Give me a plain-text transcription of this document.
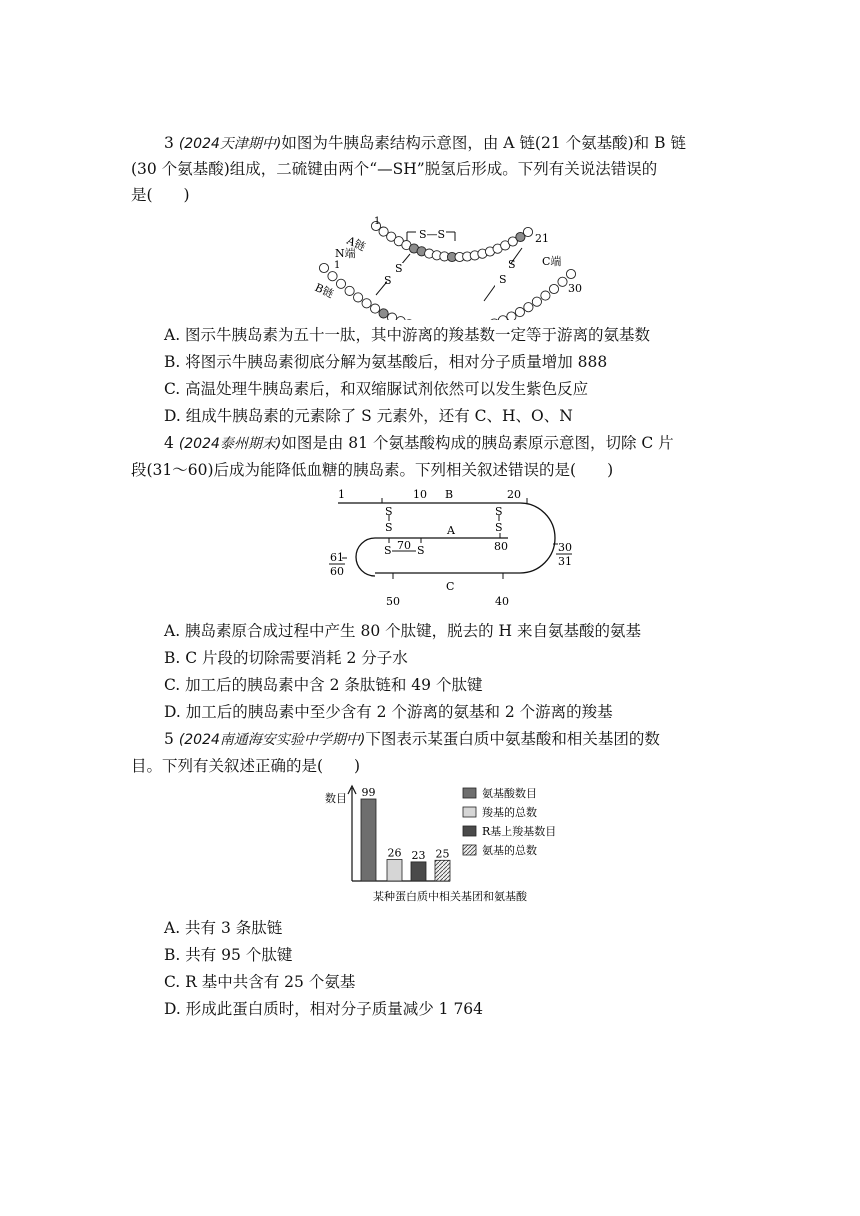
3 (2024天津期中)如图为牛胰岛素结构示意图，由 A 链(21 个氨基酸)和 B 链
(30 个氨基酸)组成，二硫键由两个“—SH”脱氢后形成。下列有关说法错误的
是(　　)
S—S
S
S
S
S
1
A链
N端
1
B链
21
C端
30
A. 图示牛胰岛素为五十一肽，其中游离的羧基数一定等于游离的氨基数
B. 将图示牛胰岛素彻底分解为氨基酸后，相对分子质量增加 888
C. 高温处理牛胰岛素后，和双缩脲试剂依然可以发生紫色反应
D. 组成牛胰岛素的元素除了 S 元素外，还有 C、H、O、N
4 (2024泰州期末)如图是由 81 个氨基酸构成的胰岛素原示意图，切除 C 片
段(31～60)后成为能降低血糖的胰岛素。下列相关叙述错误的是(　　)
1	10 B	20
A
80
70
S S
S
S
S
S
61
60
30
31
C
50	40
A. 胰岛素原合成过程中产生 80 个肽键，脱去的 H 来自氨基酸的氨基
B. C 片段的切除需要消耗 2 分子水
C. 加工后的胰岛素中含 2 条肽链和 49 个肽键
D. 加工后的胰岛素中至少含有 2 个游离的氨基和 2 个游离的羧基
5 (2024南通海安实验中学期中)下图表示某蛋白质中氨基酸和相关基团的数
目。下列有关叙述正确的是(　　)
数目 99
26 23 25
氨基酸数目
羧基的总数
R基上羧基数目
氨基的总数
某种蛋白质中相关基团和氨基酸
A. 共有 3 条肽链
B. 共有 95 个肽键
C. R 基中共含有 25 个氨基
D. 形成此蛋白质时，相对分子质量减少 1 764
